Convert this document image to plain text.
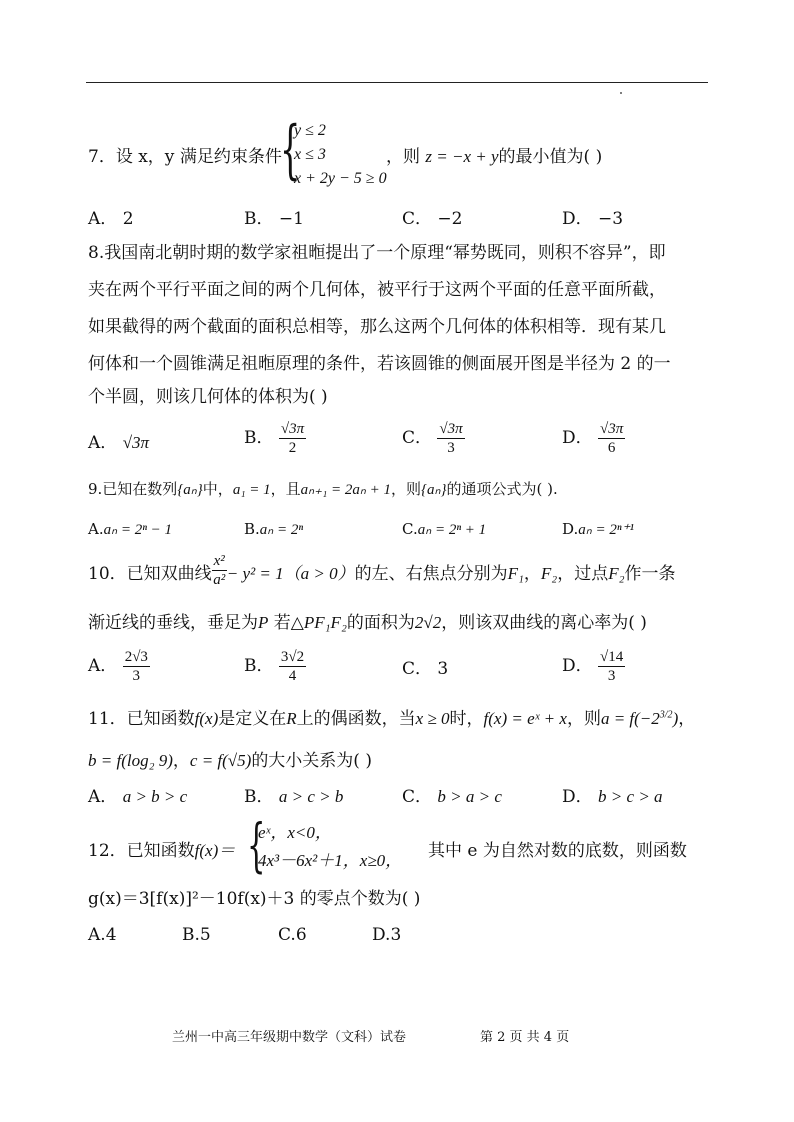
7．设 x，y 满足约束条件
{
y ≤ 2
x ≤ 3
x + 2y − 5 ≥ 0
，则 z = −x + y的最小值为( )
A． 2	B． −1	C． −2	D． −3
8.我国南北朝时期的数学家祖暅提出了一个原理“幂势既同，则积不容异”，即
夹在两个平行平面之间的两个几何体，被平行于这两个平面的任意平面所截，
如果截得的两个截面的面积总相等，那么这两个几何体的体积相等．现有某几
何体和一个圆锥满足祖暅原理的条件，若该圆锥的侧面展开图是半径为 2 的一
个半圆，则该几何体的体积为( )
A． √3π	B． $\frac{√3\pi}{2}$	C． $\frac{√3\pi}{3}$	D． $\frac{√3\pi}{6}$
9.已知在数列{aₙ}中，a₁ = 1，且aₙ₊₁ = 2aₙ + 1，则{aₙ}的通项公式为( ).
A.aₙ = 2ⁿ − 1	B.aₙ = 2ⁿ	C.aₙ = 2ⁿ + 1	D.aₙ = 2ⁿ⁺¹
10．已知双曲线 $\frac{\text{x²}}{\text{a²}} - y^2 = 1(a > 0)$的左、右焦点分别为F₁，F₂，过点F₂作一条
渐近线的垂线，垂足为P 若△PF₁F₂的面积为2√2，则该双曲线的离心率为( )
A． $\frac{2√3}{3}$	B． $\frac{3√2}{4}$	C． 3	D． $\frac{√14}{3}$
11．已知函数f(x)是定义在R上的偶函数，当x ≥ 0时，f(x) = eˣ + x，则$a = f(-2^{3/2})$，
b = f(log₂ 9)，c = f(√5)的大小关系为( )
A． a > b > c	B． a > c > b	C． b > a > c	D． b > c > a
12．已知函数f(x)＝ {
eˣ，x<0，
4x³－6x²＋1，x≥0， 其中 e 为自然对数的底数，则函数
g(x)＝3[f(x)]²－10f(x)＋3 的零点个数为( )
A.4	B.5	C.6	D.3
兰州一中高三年级期中数学（文科）试卷	第 2 页 共 4 页
